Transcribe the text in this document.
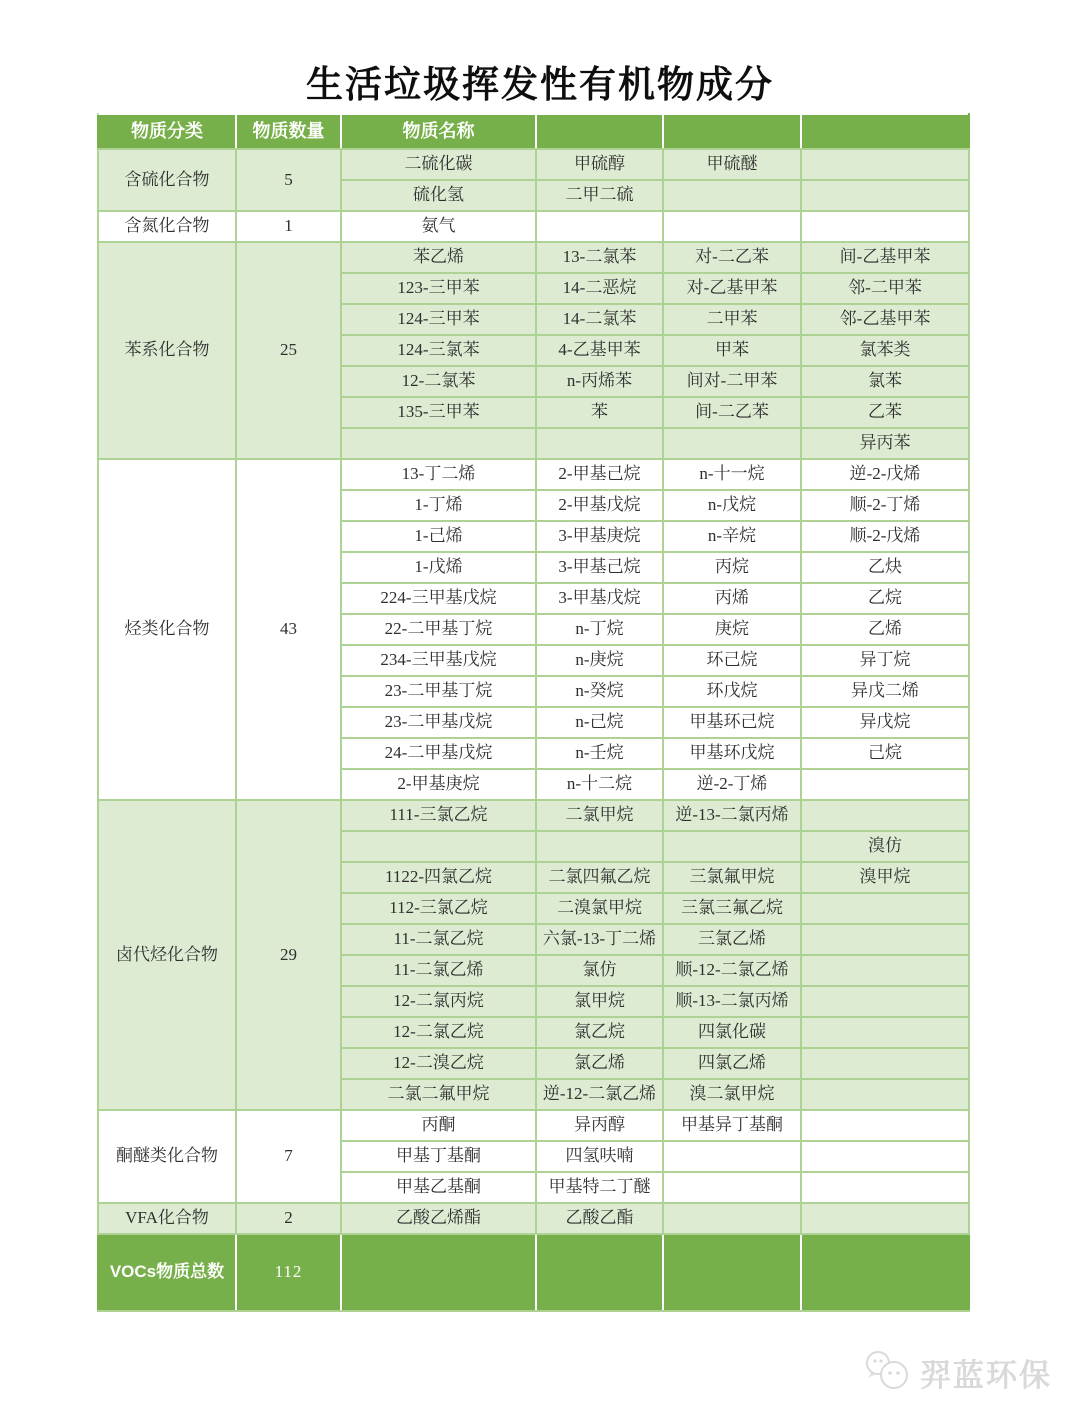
生活垃圾挥发性有机物成分
物质分类	物质数量	物质名称			
含硫化合物	5	二硫化碳	甲硫醇	甲硫醚	
		硫化氢	二甲二硫		
含氮化合物	1	氨气			
苯系化合物	25	苯乙烯	13-二氯苯	对-二乙苯	间-乙基甲苯
		123-三甲苯	14-二恶烷	对-乙基甲苯	邻-二甲苯
		124-三甲苯	14-二氯苯	二甲苯	邻-乙基甲苯
		124-三氯苯	4-乙基甲苯	甲苯	氯苯类
		12-二氯苯	n-丙烯苯	间对-二甲苯	氯苯
		135-三甲苯	苯	间-二乙苯	乙苯
					异丙苯
烃类化合物	43	13-丁二烯	2-甲基己烷	n-十一烷	逆-2-戊烯
		1-丁烯	2-甲基戊烷	n-戊烷	顺-2-丁烯
		1-己烯	3-甲基庚烷	n-辛烷	顺-2-戊烯
		1-戊烯	3-甲基己烷	丙烷	乙炔
		224-三甲基戊烷	3-甲基戊烷	丙烯	乙烷
		22-二甲基丁烷	n-丁烷	庚烷	乙烯
		234-三甲基戊烷	n-庚烷	环己烷	异丁烷
		23-二甲基丁烷	n-癸烷	环戊烷	异戊二烯
		23-二甲基戊烷	n-己烷	甲基环己烷	异戊烷
		24-二甲基戊烷	n-壬烷	甲基环戊烷	己烷
		2-甲基庚烷	n-十二烷	逆-2-丁烯	
卤代烃化合物	29	111-三氯乙烷	二氯甲烷	逆-13-二氯丙烯	
					溴仿
		1122-四氯乙烷	二氯四氟乙烷	三氯氟甲烷	溴甲烷
		112-三氯乙烷	二溴氯甲烷	三氯三氟乙烷	
		11-二氯乙烷	六氯-13-丁二烯	三氯乙烯	
		11-二氯乙烯	氯仿	顺-12-二氯乙烯	
		12-二氯丙烷	氯甲烷	顺-13-二氯丙烯	
		12-二氯乙烷	氯乙烷	四氯化碳	
		12-二溴乙烷	氯乙烯	四氯乙烯	
		二氯二氟甲烷	逆-12-二氯乙烯	溴二氯甲烷	
酮醚类化合物	7	丙酮	异丙醇	甲基异丁基酮	
		甲基丁基酮	四氢呋喃		
		甲基乙基酮	甲基特二丁醚		
VFA化合物	2	乙酸乙烯酯	乙酸乙酯		
VOCs物质总数	112				
羿蓝环保
